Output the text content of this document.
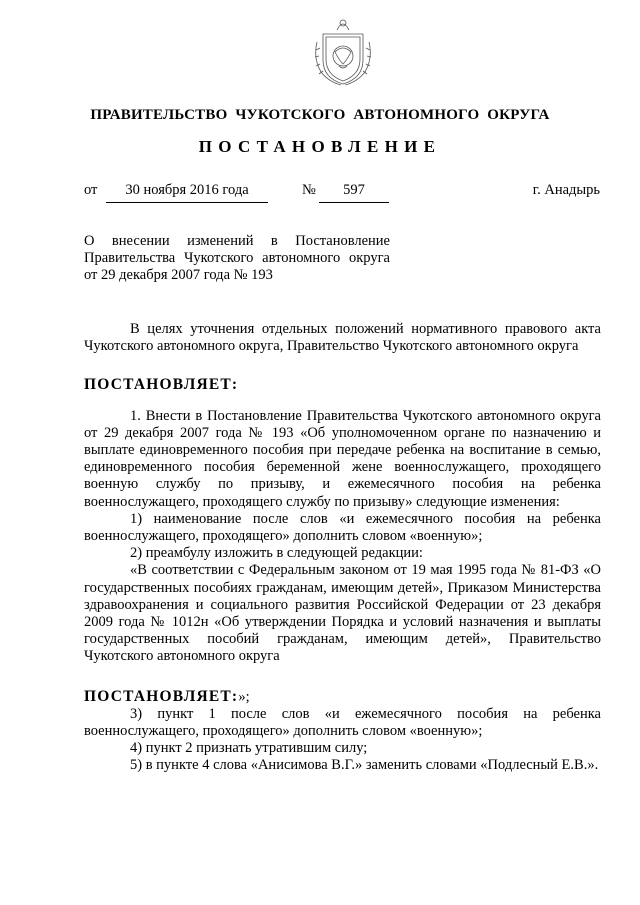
ПРАВИТЕЛЬСТВО ЧУКОТСКОГО АВТОНОМНОГО ОКРУГА
ПОСТАНОВЛЕНИЕ
от	30 ноября 2016 года	№	597	г. Анадырь
О внесении изменений в Постановление
Правительства Чукотского автономного округа
от 29 декабря 2007 года № 193

В целях уточнения отдельных положений нормативного правового акта Чукотского автономного округа, Правительство Чукотского автономного округа

ПОСТАНОВЛЯЕТ:

1. Внести в Постановление Правительства Чукотского автономного округа от 29 декабря 2007 года № 193 «Об уполномоченном органе по назначению и выплате единовременного пособия при передаче ребенка на воспитание в семью, единовременного пособия беременной жене военнослужащего, проходящего военную службу по призыву, и ежемесячного пособия на ребенка военнослужащего, проходящего службу по призыву» следующие изменения:

1) наименование после слов «и ежемесячного пособия на ребенка военнослужащего, проходящего» дополнить словом «военную»;

2) преамбулу изложить в следующей редакции:

«В соответствии с Федеральным законом от 19 мая 1995 года № 81-ФЗ «О государственных пособиях гражданам, имеющим детей», Приказом Министерства здравоохранения и социального развития Российской Федерации от 23 декабря 2009 года № 1012н «Об утверждении Порядка и условий назначения и выплаты государственных пособий гражданам, имеющим детей», Правительство Чукотского автономного округа

ПОСТАНОВЛЯЕТ:»;

3) пункт 1 после слов «и ежемесячного пособия на ребенка военнослужащего, проходящего» дополнить словом «военную»;

4) пункт 2 признать утратившим силу;

5) в пункте 4 слова «Анисимова В.Г.» заменить словами «Подлесный Е.В.».
